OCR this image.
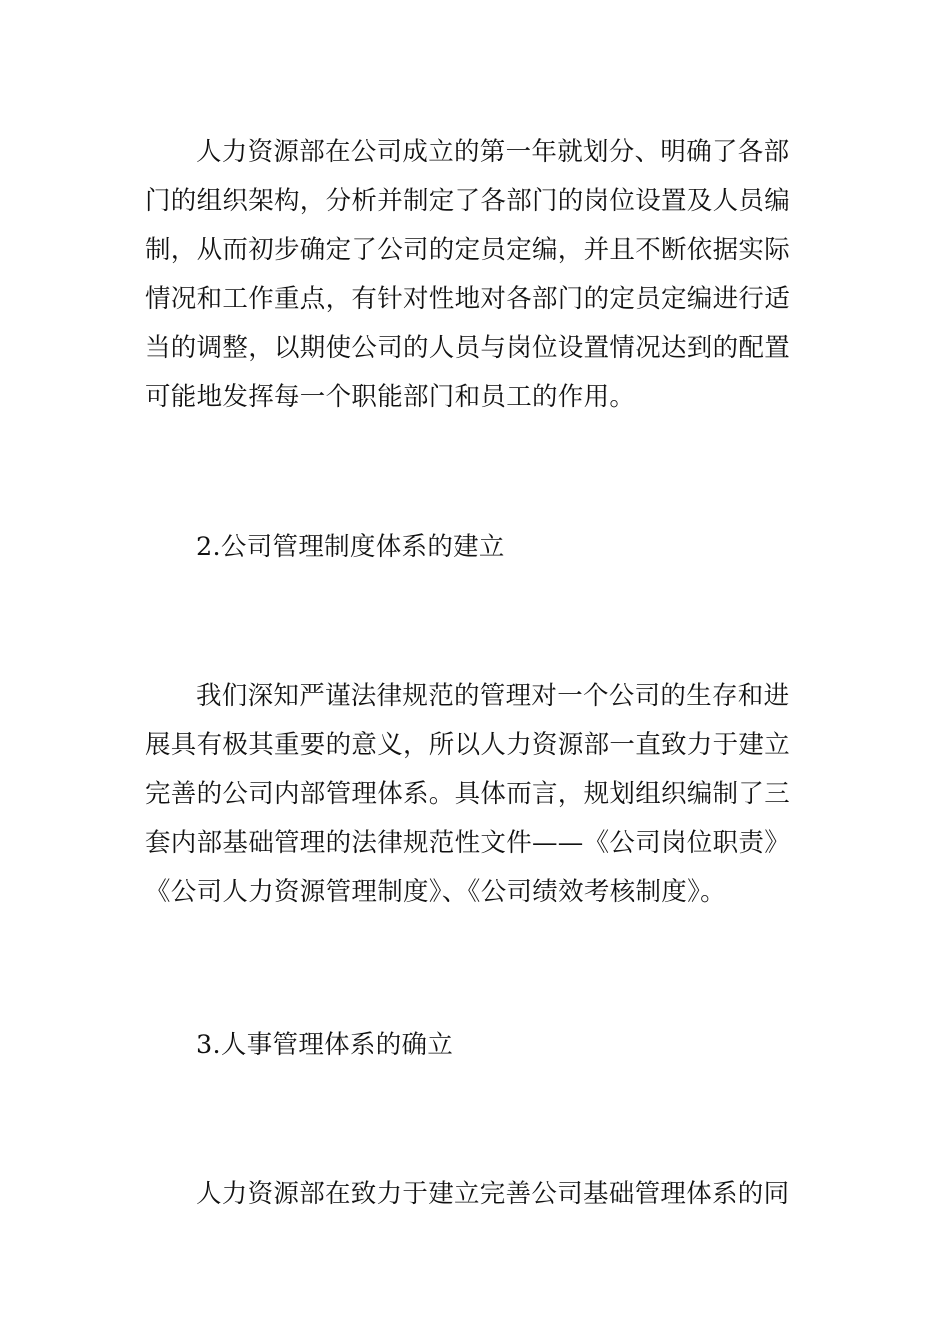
人力资源部在公司成立的第一年就划分、明确了各部
门的组织架构，分析并制定了各部门的岗位设置及人员编
制，从而初步确定了公司的定员定编，并且不断依据实际
情况和工作重点，有针对性地对各部门的定员定编进行适
当的调整，以期使公司的人员与岗位设置情况达到的配置
可能地发挥每一个职能部门和员工的作用。
2.公司管理制度体系的建立
我们深知严谨法律规范的管理对一个公司的生存和进
展具有极其重要的意义，所以人力资源部一直致力于建立
完善的公司内部管理体系。具体而言，规划组织编制了三
套内部基础管理的法律规范性文件——《公司岗位职责》
《公司人力资源管理制度》、《公司绩效考核制度》。
3.人事管理体系的确立
人力资源部在致力于建立完善公司基础管理体系的同
